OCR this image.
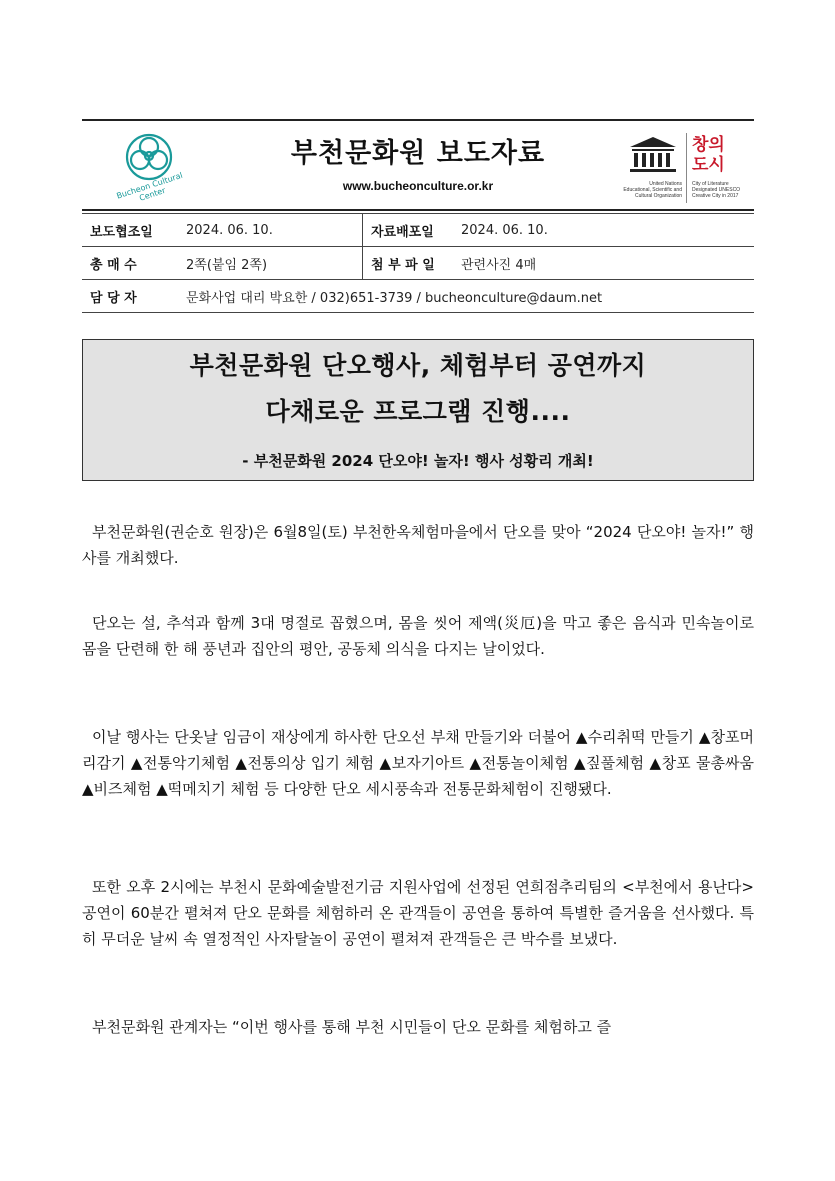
Bucheon Cultural Center
부천문화원 보도자료
www.bucheonculture.or.kr	United Nations Educational, Scientific and Cultural Organization
창의
도시
City of Literature Designated UNESCO Creative City in 2017
보도협조일	2024. 06. 10.	자료배포일	2024. 06. 10.
총 매 수	2쪽(붙임 2쪽)	첨 부 파 일	관련사진 4매
담 당 자	문화사업 대리 박요한 / 032)651-3739 / bucheonculture@daum.net		
부천문화원 단오행사, 체험부터 공연까지
다채로운 프로그램 진행....
- 부천문화원 2024 단오야! 놀자! 행사 성황리 개최!
부천문화원(권순호 원장)은 6월8일(토) 부천한옥체험마을에서 단오를 맞아 “2024 단오야! 놀자!” 행사를 개최했다.
단오는 설, 추석과 함께 3대 명절로 꼽혔으며, 몸을 씻어 제액(災厄)을 막고 좋은 음식과 민속놀이로 몸을 단련해 한 해 풍년과 집안의 평안, 공동체 의식을 다지는 날이었다.
이날 행사는 단옷날 임금이 재상에게 하사한 단오선 부채 만들기와 더불어 ▲수리취떡 만들기 ▲창포머리감기 ▲전통악기체험 ▲전통의상 입기 체험 ▲보자기아트 ▲전통놀이체험 ▲짚풀체험 ▲창포 물총싸움 ▲비즈체험 ▲떡메치기 체험 등 다양한 단오 세시풍속과 전통문화체험이 진행됐다.
또한 오후 2시에는 부천시 문화예술발전기금 지원사업에 선정된 연희점추리팀의 <부천에서 용난다> 공연이 60분간 펼쳐져 단오 문화를 체험하러 온 관객들이 공연을 통하여 특별한 즐거움을 선사했다. 특히 무더운 날씨 속 열정적인 사자탈놀이 공연이 펼쳐져 관객들은 큰 박수를 보냈다.
부천문화원 관계자는 “이번 행사를 통해 부천 시민들이 단오 문화를 체험하고 즐
